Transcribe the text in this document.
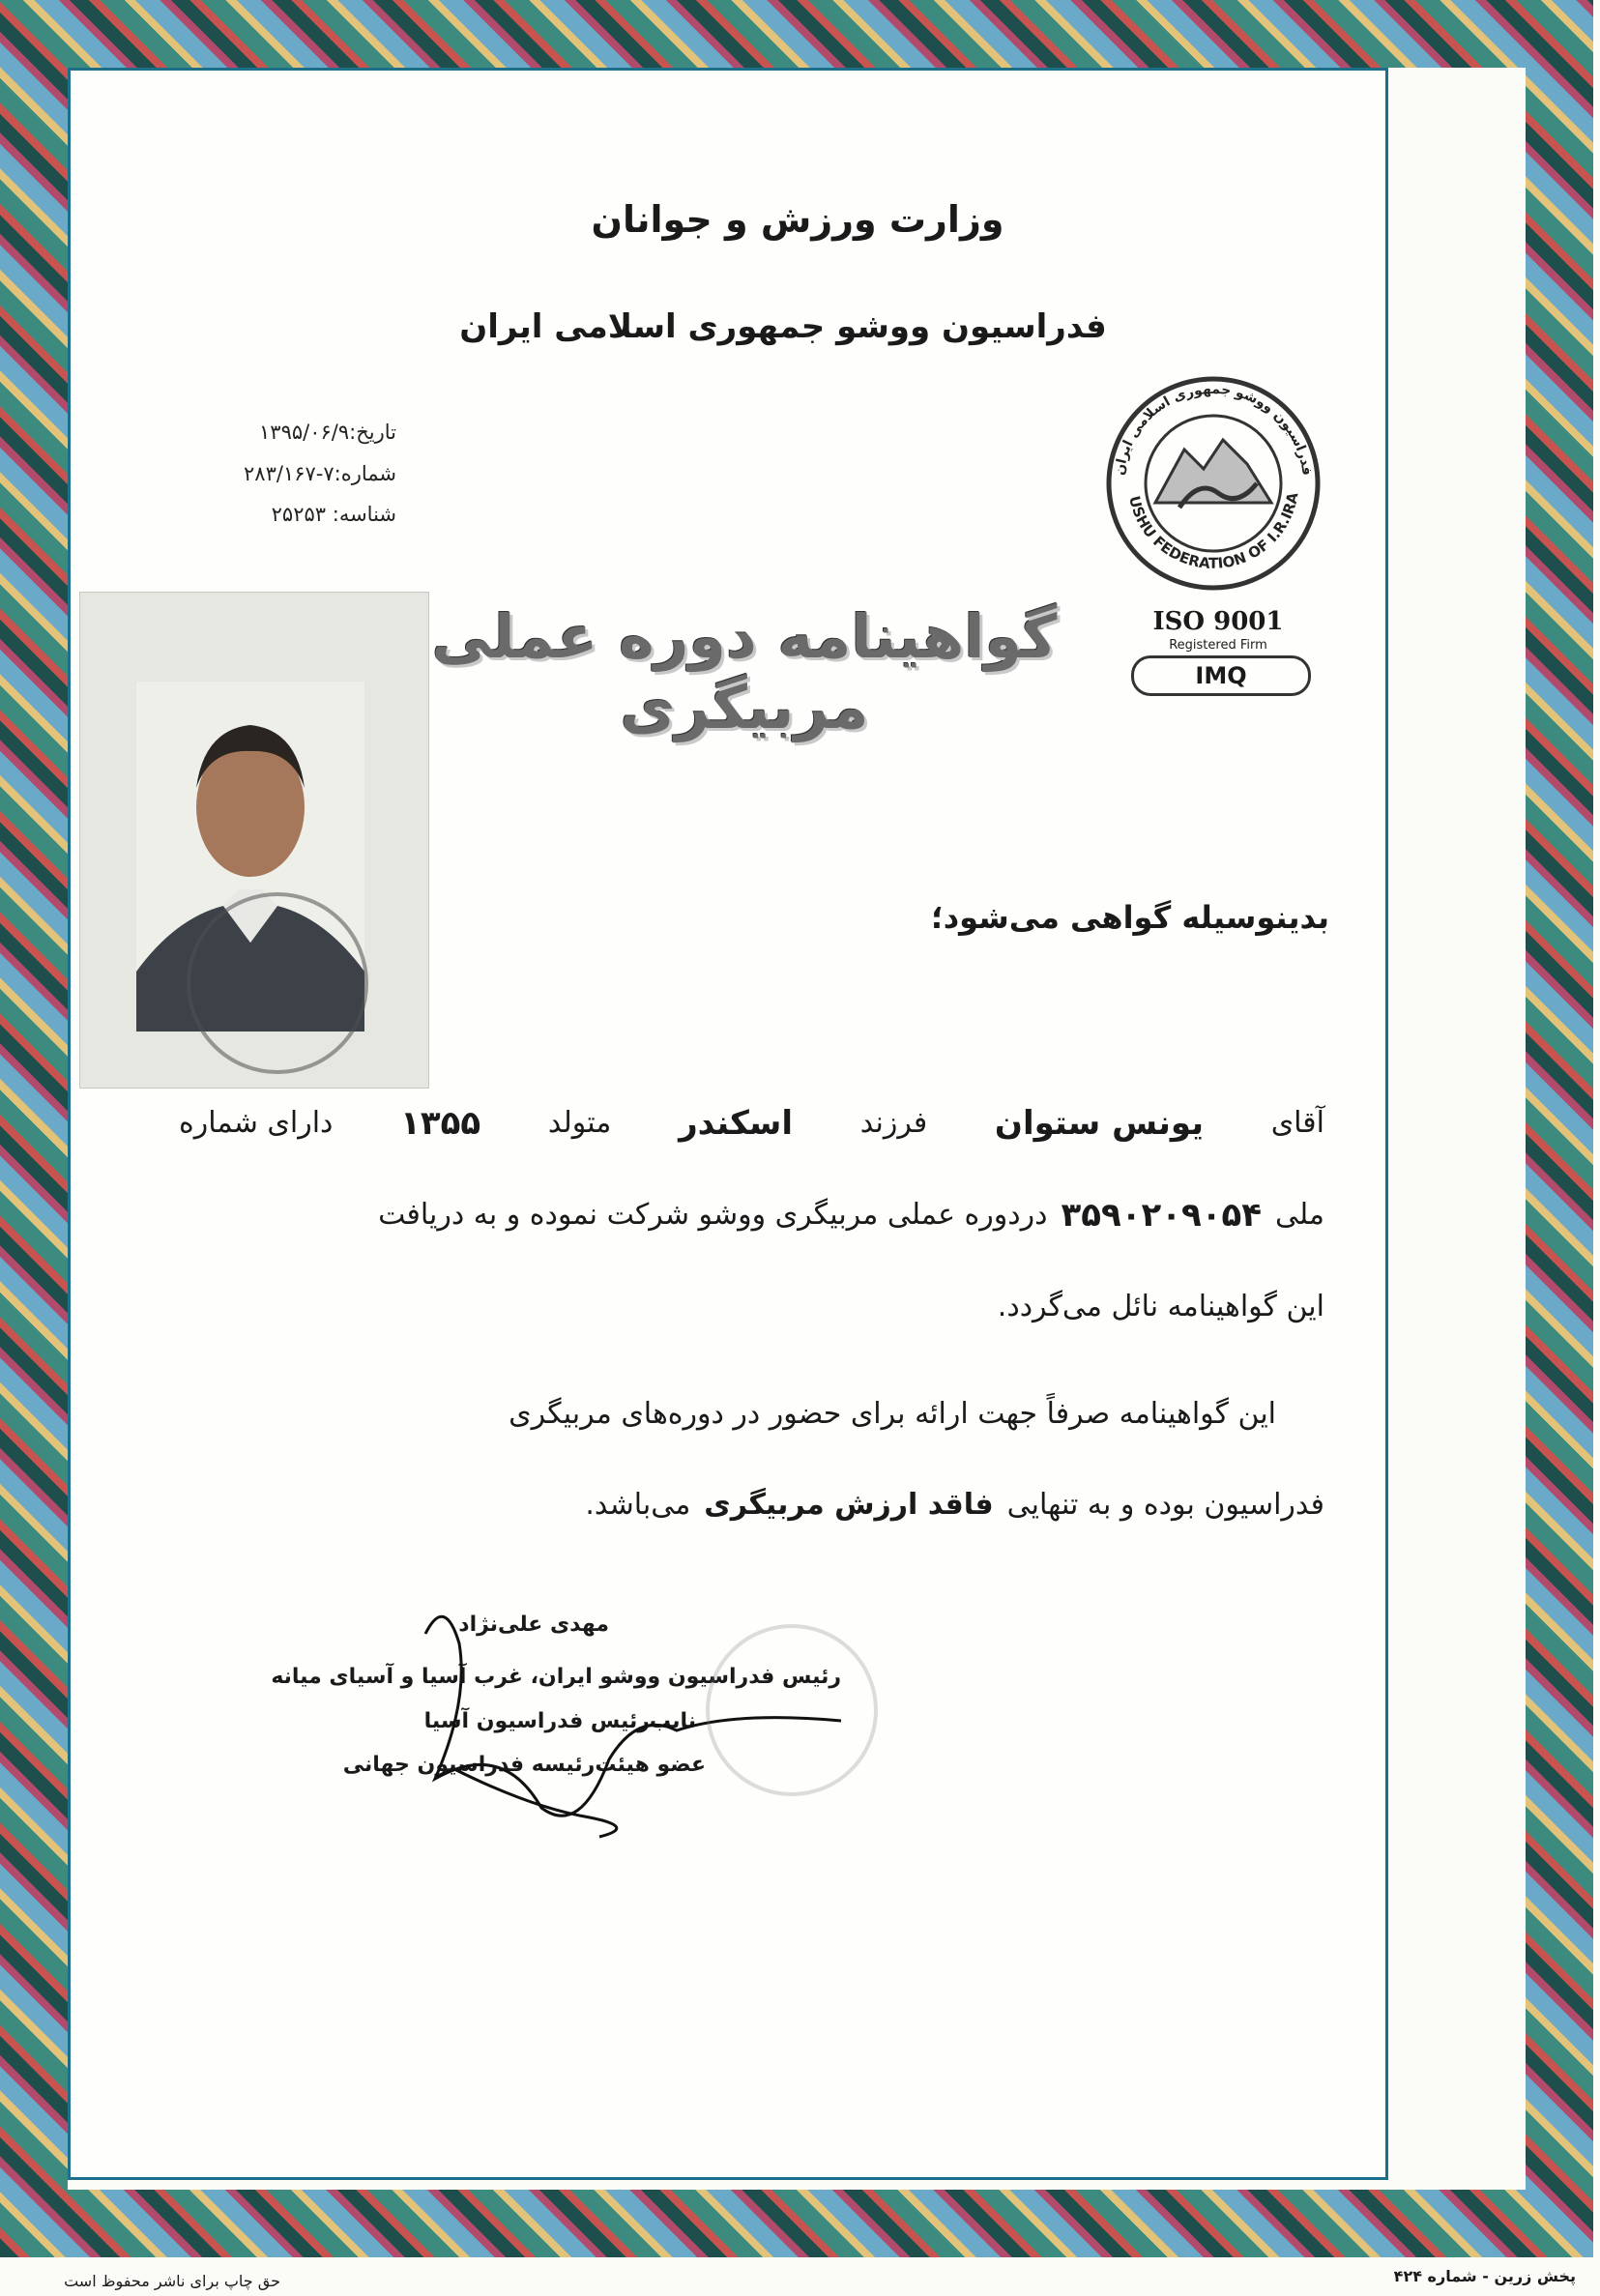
وزارت ورزش و جوانان
فدراسیون ووشو جمهوری اسلامی ایران
تاریخ:۱۳۹۵/۰۶/۹
شماره:۷-۲۸۳/۱۶۷
شناسه: ۲۵۲۵۳
فدراسیون ووشو جمهوری اسلامی ایران
USHU FEDERATION OF I.R.IRA
ISO 9001
Registered Firm
IMQ
گواهینامه دوره عملی مربیگری
بدینوسیله گواهی می‌شود؛
آقای
یونس ستوان
فرزند
اسکندر
متولد
۱۳۵۵
دارای شماره
ملی
۳۵۹۰۲۰۹۰۵۴
دردوره عملی مربیگری ووشو شرکت نموده و به دریافت
این گواهینامه نائل می‌گردد.
این گواهینامه صرفاً جهت ارائه برای حضور در دوره‌های مربیگری
فدراسیون بوده و به تنهایی
فاقد ارزش مربیگری
می‌باشد.
مهدی علی‌نژاد
رئیس فدراسیون ووشو ایران، غرب آسیا و آسیای میانه
نایب‌رئیس فدراسیون آسیا
عضو هیئت‌رئیسه فدراسیون جهانی
پخش زرین - شماره ۴۲۴
حق چاپ برای ناشر محفوظ است
